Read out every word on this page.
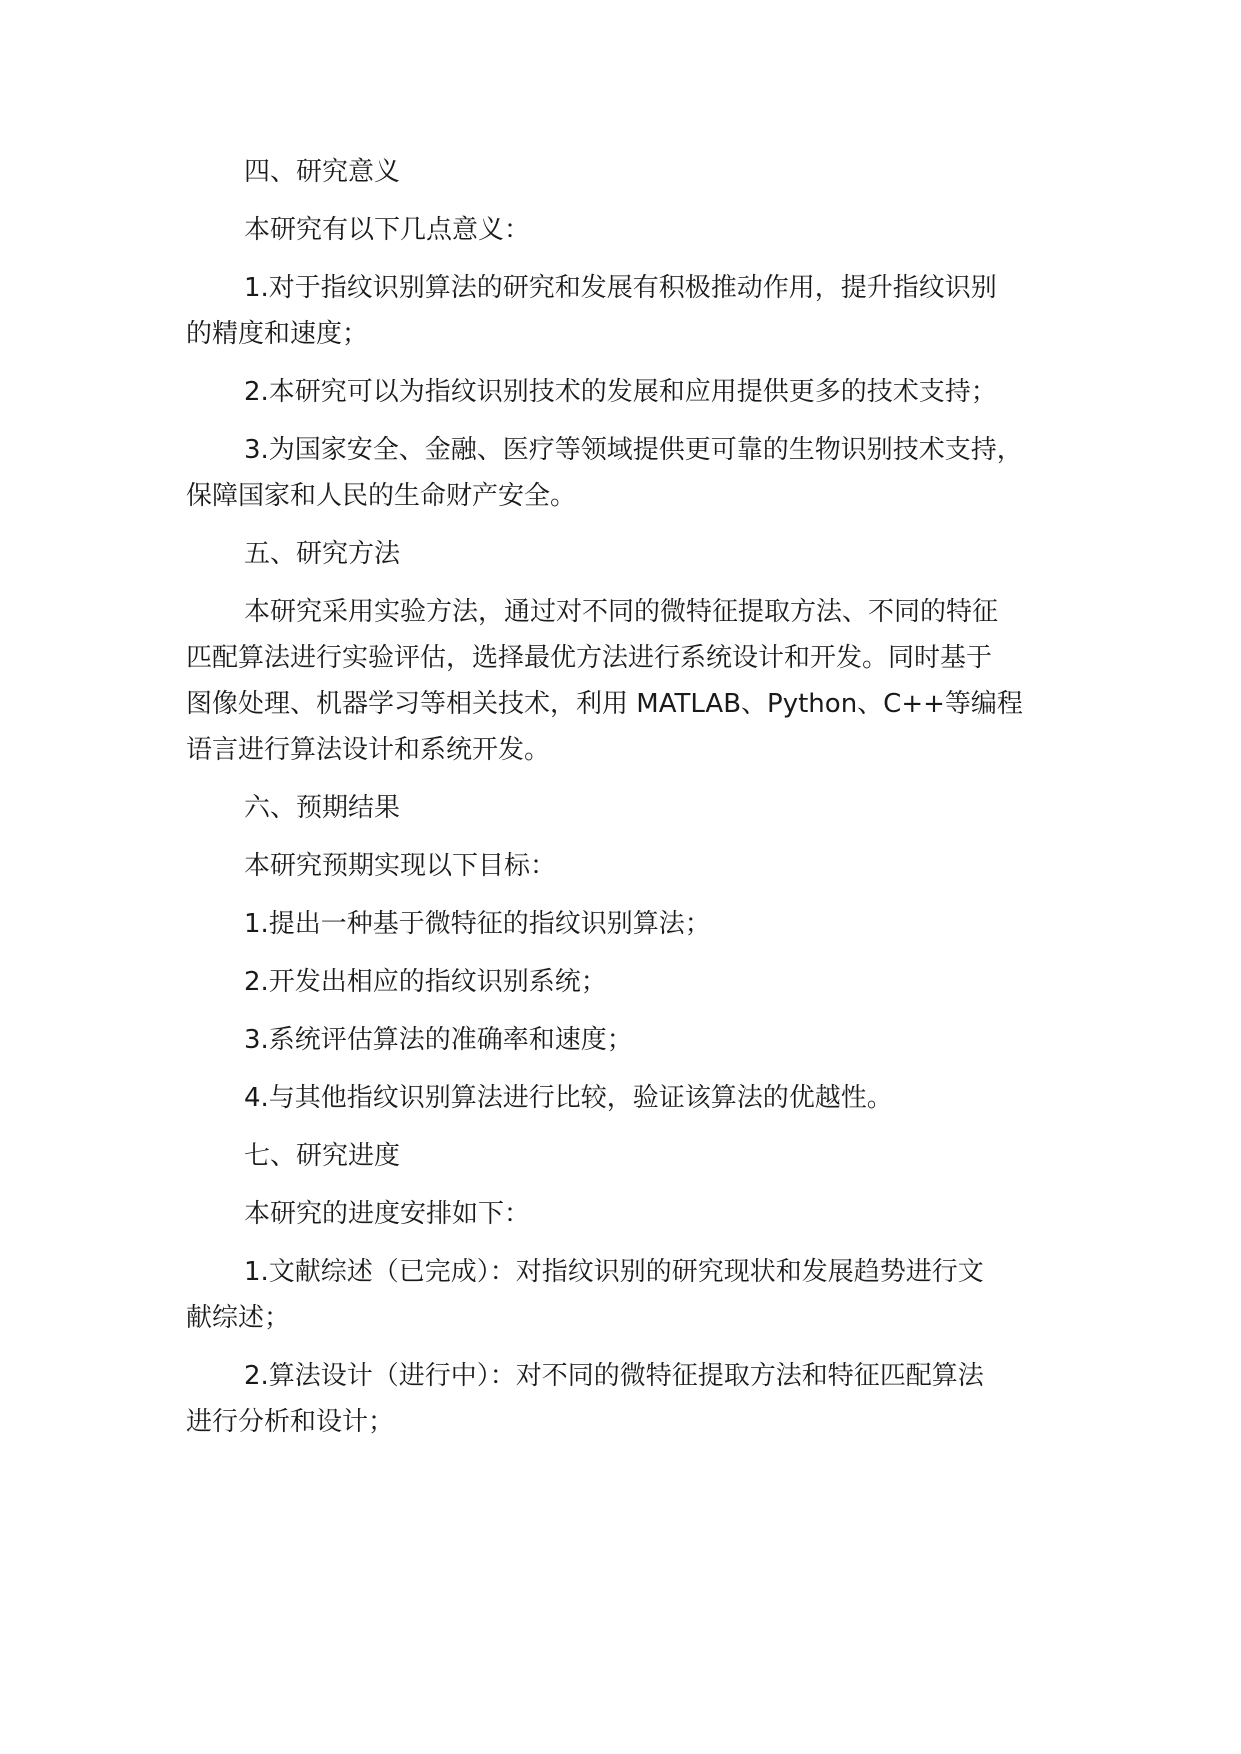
四、研究意义
本研究有以下几点意义：
1.对于指纹识别算法的研究和发展有积极推动作用，提升指纹识别
的精度和速度；
2.本研究可以为指纹识别技术的发展和应用提供更多的技术支持；
3.为国家安全、金融、医疗等领域提供更可靠的生物识别技术支持，
保障国家和人民的生命财产安全。
五、研究方法
本研究采用实验方法，通过对不同的微特征提取方法、不同的特征
匹配算法进行实验评估，选择最优方法进行系统设计和开发。同时基于
图像处理、机器学习等相关技术，利用 MATLAB、Python、C++等编程
语言进行算法设计和系统开发。
六、预期结果
本研究预期实现以下目标：
1.提出一种基于微特征的指纹识别算法；
2.开发出相应的指纹识别系统；
3.系统评估算法的准确率和速度；
4.与其他指纹识别算法进行比较，验证该算法的优越性。
七、研究进度
本研究的进度安排如下：
1.文献综述（已完成）：对指纹识别的研究现状和发展趋势进行文
献综述；
2.算法设计（进行中）：对不同的微特征提取方法和特征匹配算法
进行分析和设计；
